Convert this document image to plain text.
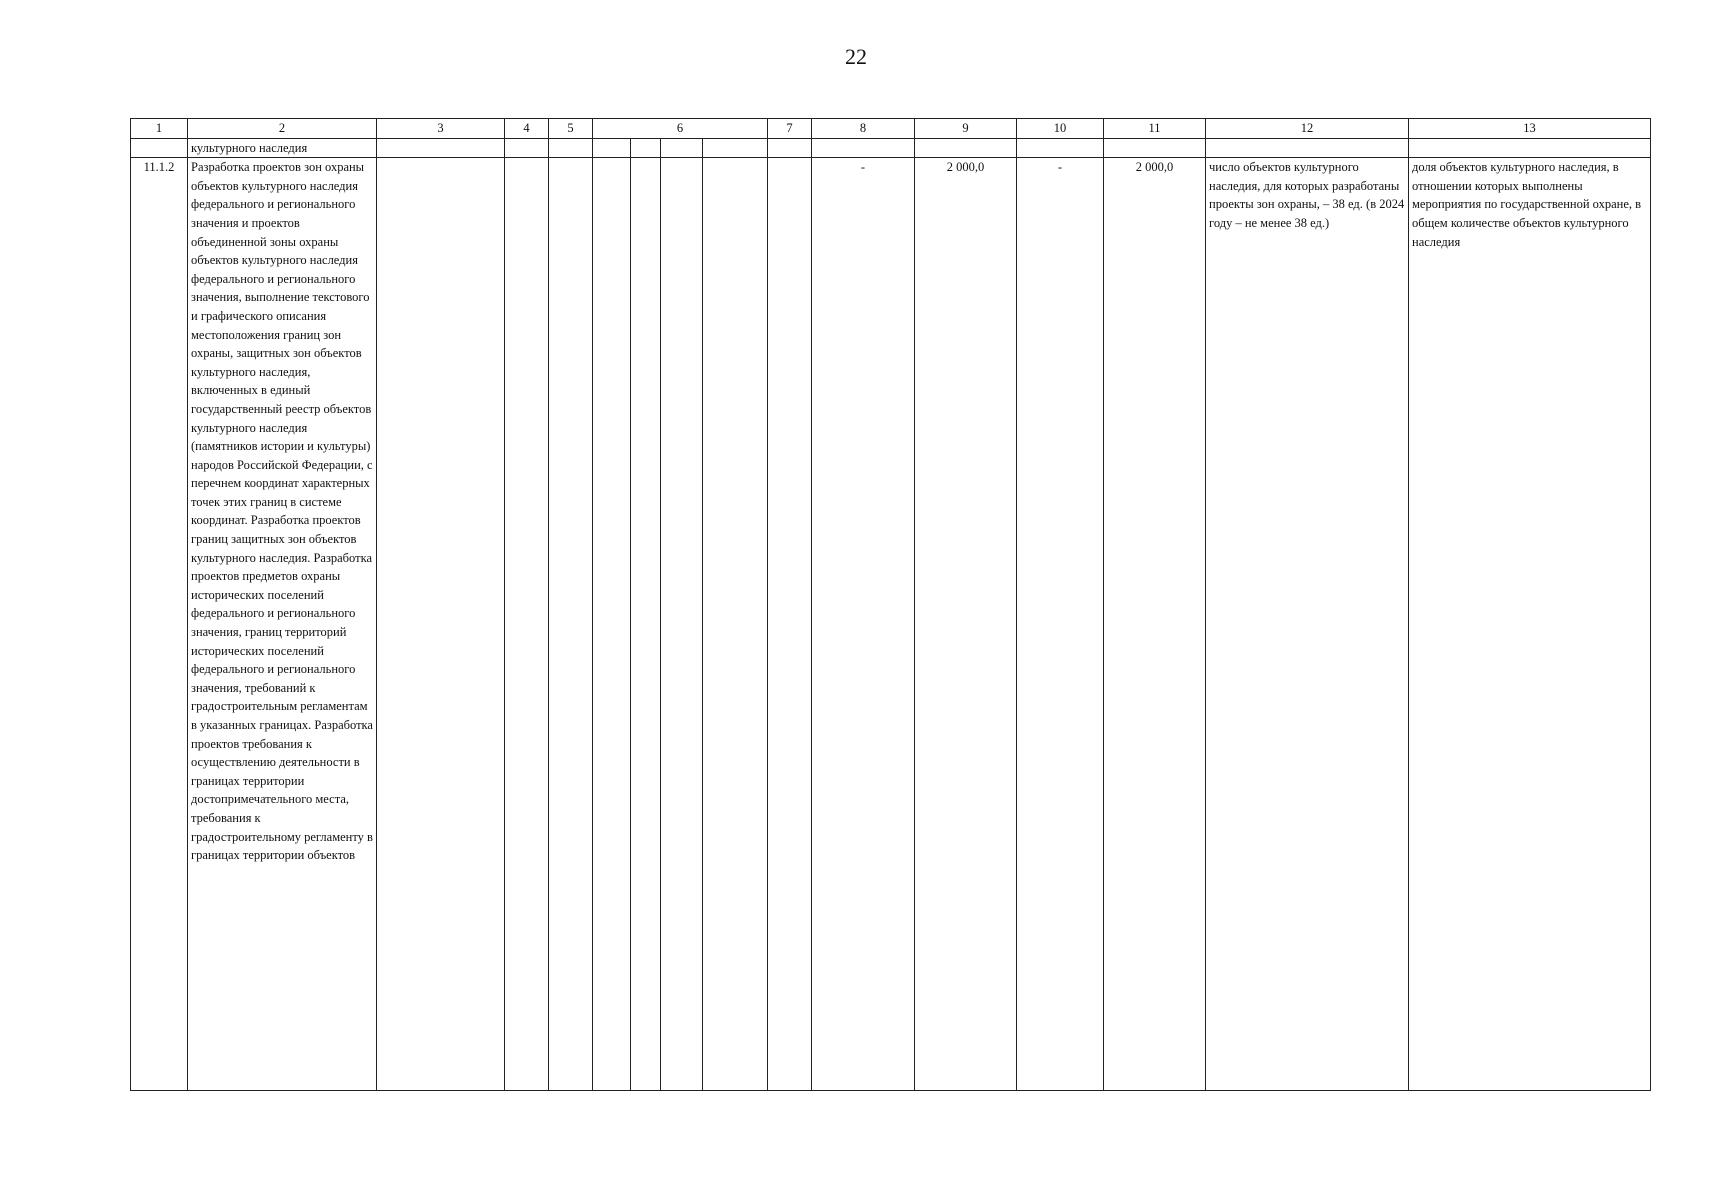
22
1	2	3	4	5	6				7	8	9	10	11	12	13
	культурного наследия														
11.1.2	Разработка проектов зон охраны объектов культурного наследия федерального и регионального значения и проектов объединенной зоны охраны объектов культурного наследия федерального и регионального значения, выполнение текстового и графического описания местоположения границ зон охраны, защитных зон объектов культурного наследия, включенных в единый государственный реестр объектов культурного наследия (памятников истории и культуры) народов Российской Федерации, с перечнем координат характерных точек этих границ в системе координат. Разработка проектов границ защитных зон объектов культурного наследия. Разработка проектов предметов охраны исторических поселений федерального и регионального значения, границ территорий исторических поселений федерального и регионального значения, требований к градостроительным регламентам в указанных границах. Разработка проектов требования к осуществлению деятельности в границах территории достопримечательного места, требования к градостроительному регламенту в границах территории объектов									-	2 000,0	-	2 000,0	число объектов культурного наследия, для которых разработаны проекты зон охраны, – 38 ед. (в 2024 году – не менее 38 ед.)	доля объектов культурного наследия, в отношении которых выполнены мероприятия по государственной охране, в общем количестве объектов культурного наследия
